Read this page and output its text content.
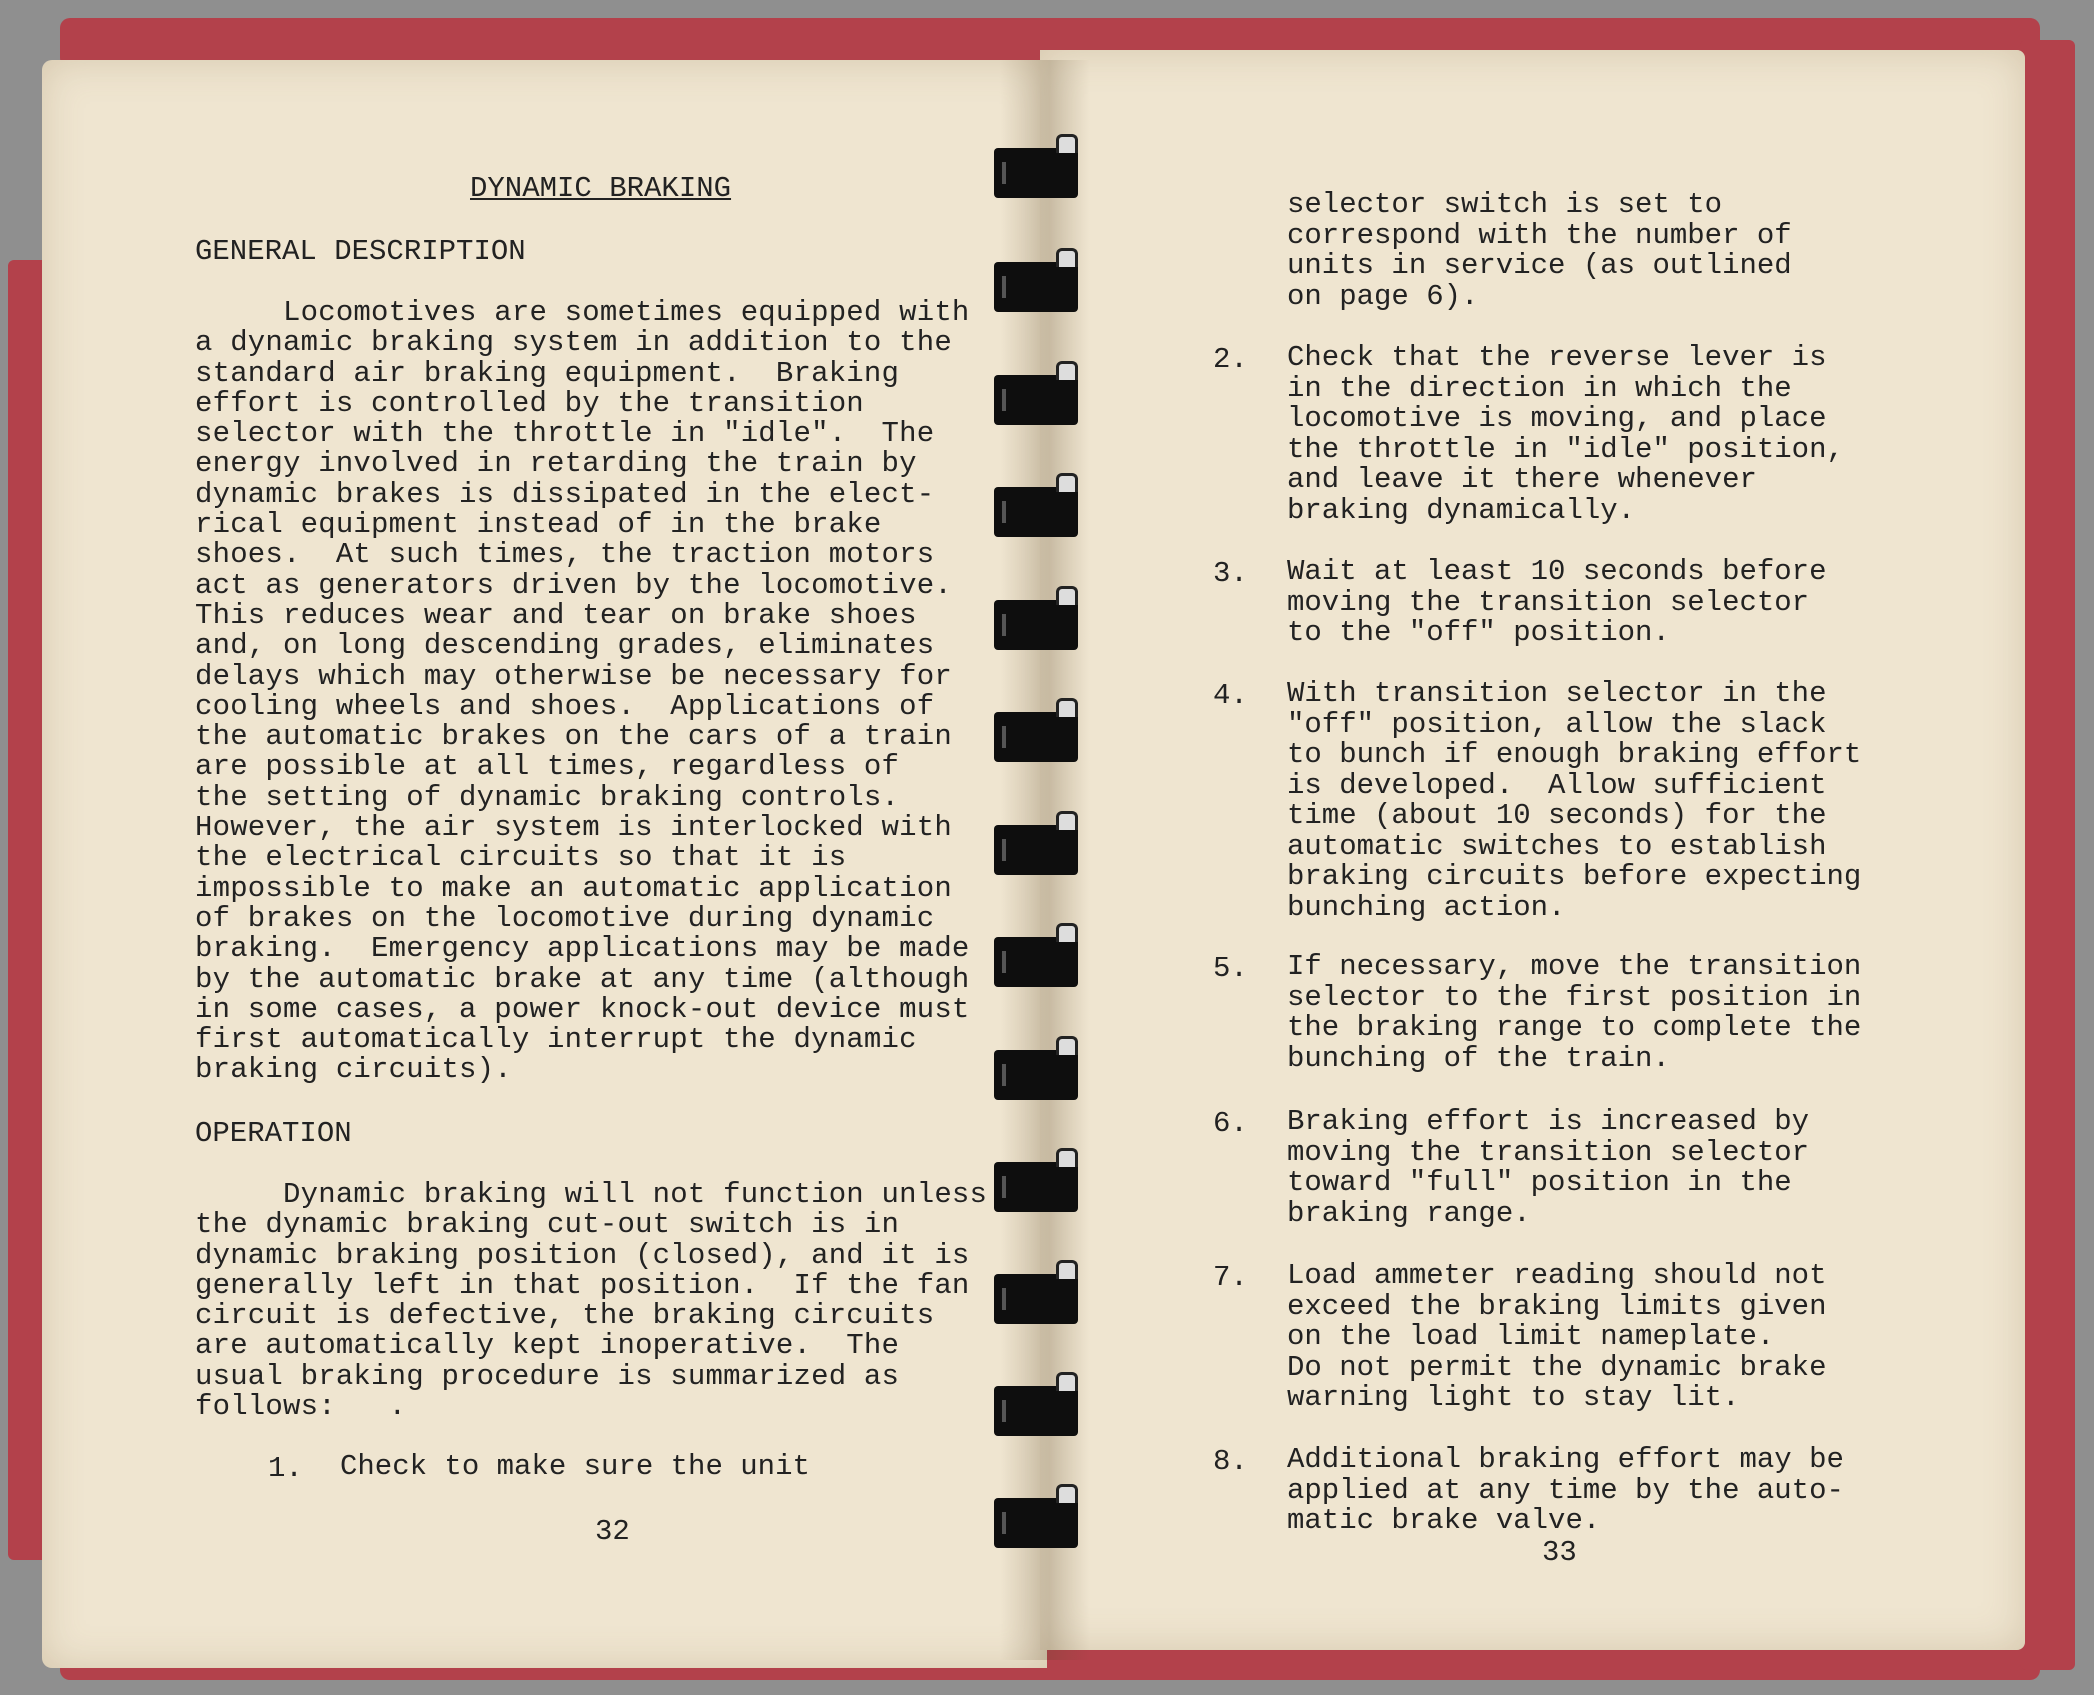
DYNAMIC BRAKING
GENERAL DESCRIPTION
Locomotives are sometimes equipped with
a dynamic braking system in addition to the
standard air braking equipment.  Braking
effort is controlled by the transition
selector with the throttle in "idle".  The
energy involved in retarding the train by
dynamic brakes is dissipated in the elect-
rical equipment instead of in the brake
shoes.  At such times, the traction motors
act as generators driven by the locomotive.
This reduces wear and tear on brake shoes
and, on long descending grades, eliminates
delays which may otherwise be necessary for
cooling wheels and shoes.  Applications of
the automatic brakes on the cars of a train
are possible at all times, regardless of
the setting of dynamic braking controls.
However, the air system is interlocked with
the electrical circuits so that it is
impossible to make an automatic application
of brakes on the locomotive during dynamic
braking.  Emergency applications may be made
by the automatic brake at any time (although
in some cases, a power knock-out device must
first automatically interrupt the dynamic
braking circuits).
OPERATION
Dynamic braking will not function unless
the dynamic braking cut-out switch is in
dynamic braking position (closed), and it is
generally left in that position.  If the fan
circuit is defective, the braking circuits
are automatically kept inoperative.  The
usual braking procedure is summarized as
follows:   .
1. Check to make sure the unit
32
selector switch is set to
correspond with the number of
units in service (as outlined
on page 6).
2. Check that the reverse lever is
in the direction in which the
locomotive is moving, and place
the throttle in "idle" position,
and leave it there whenever
braking dynamically.
3. Wait at least 10 seconds before
moving the transition selector
to the "off" position.
4. With transition selector in the
"off" position, allow the slack
to bunch if enough braking effort
is developed.  Allow sufficient
time (about 10 seconds) for the
automatic switches to establish
braking circuits before expecting
bunching action.
5. If necessary, move the transition
selector to the first position in
the braking range to complete the
bunching of the train.
6. Braking effort is increased by
moving the transition selector
toward "full" position in the
braking range.
7. Load ammeter reading should not
exceed the braking limits given
on the load limit nameplate.
Do not permit the dynamic brake
warning light to stay lit.
8. Additional braking effort may be
applied at any time by the auto-
matic brake valve.
33
